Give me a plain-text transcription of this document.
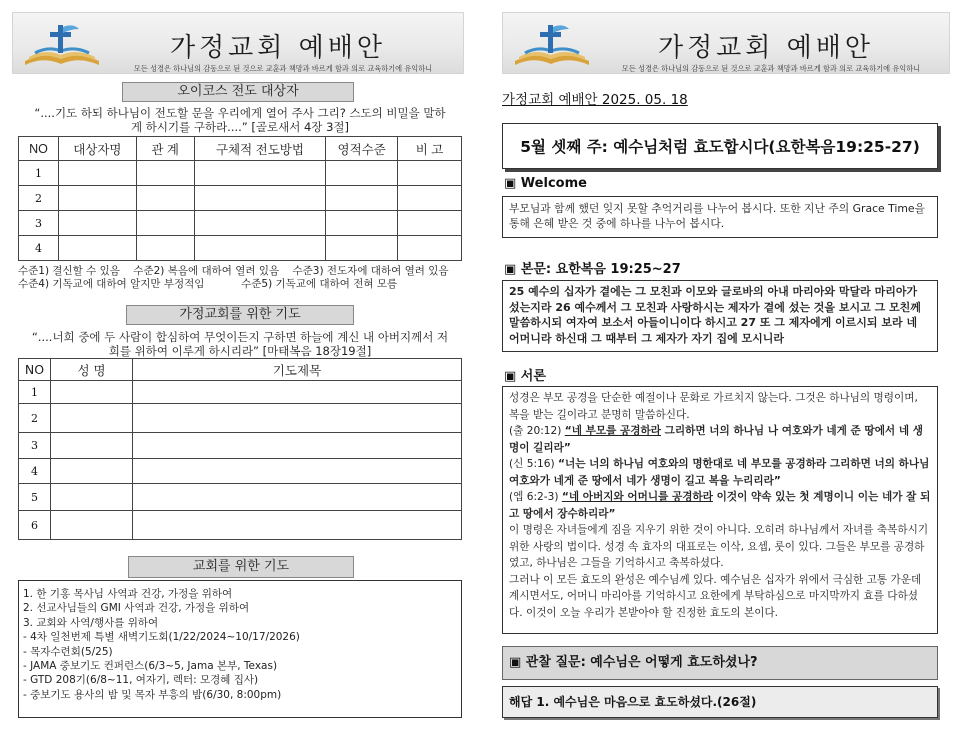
가정교회 예배안
모든 성경은 하나님의 감동으로 된 것으로 교훈과 책망과 바르게 함과 의로 교육하기에 유익하니
오이코스 전도 대상자
“....기도 하되 하나님이 전도할 문을 우리에게 열어 주사 그리? 스도의 비밀을 말하게 하시기를 구하라....” [골로새서 4장 3절]
NO	대상자명	관 계	구체적 전도방법	영적수준	비 고
1					
2					
3					
4					
수준1) 결신할 수 있음 수준2) 복음에 대하여 열려 있음 수준3) 전도자에 대하여 열려 있음
수준4) 기독교에 대하여 알지만 부정적임	수준5) 기독교에 대하여 전혀 모름
가정교회를 위한 기도
“....너희 중에 두 사람이 합심하여 무엇이든지 구하면 하늘에 계신 내 아버지께서 저희를 위하여 이루게 하시리라” [마태복음 18장19절]
NO	성 명	기도제목
1		
2		
3		
4		
5		
6		
교회를 위한 기도
1. 한 기홍 목사님 사역과 건강, 가정을 위하여
2. 선교사님들의 GMI 사역과 건강, 가정을 위하여
3. 교회와 사역/행사를 위하여
- 4차 일천번제 특별 새벽기도회(1/22/2024~10/17/2026)
- 목자수련회(5/25)
- JAMA 중보기도 컨퍼런스(6/3~5, Jama 본부, Texas)
- GTD 208기(6/8~11, 여자기, 렉터: 모경혜 집사)
- 중보기도 용사의 밤 및 목자 부흥의 밤(6/30, 8:00pm)
가정교회 예배안
모든 성경은 하나님의 감동으로 된 것으로 교훈과 책망과 바르게 함과 의로 교육하기에 유익하니
가정교회 예배안 2025. 05. 18
5월 셋째 주: 예수님처럼 효도합시다(요한복음19:25-27)
▣ Welcome
부모님과 함께 했던 잊지 못할 추억거리를 나누어 봅시다. 또한 지난 주의 Grace Time을 통해 은혜 받은 것 중에 하나를 나누어 봅시다.
▣ 본문: 요한복음 19:25~27
25 예수의 십자가 곁에는 그 모친과 이모와 글로바의 아내 마리아와 막달라 마리아가 섰는지라 26 예수께서 그 모친과 사랑하시는 제자가 곁에 섰는 것을 보시고 그 모친께 말씀하시되 여자여 보소서 아들이니이다 하시고 27 또 그 제자에게 이르시되 보라 네 어머니라 하신대 그 때부터 그 제자가 자기 집에 모시니라
▣ 서론

성경은 부모 공경을 단순한 예절이나 문화로 가르치지 않는다. 그것은 하나님의 명령이며, 복을 받는 길이라고 분명히 말씀하신다.

(출 20:12) “네 부모를 공경하라 그리하면 너의 하나님 나 여호와가 네게 준 땅에서 네 생명이 길리라”

(신 5:16) “너는 너의 하나님 여호와의 명한대로 네 부모를 공경하라 그리하면 너의 하나님 여호와가 네게 준 땅에서 네가 생명이 길고 복을 누리리라”

(엡 6:2-3) “네 아버지와 어머니를 공경하라 이것이 약속 있는 첫 계명이니 이는 네가 잘 되고 땅에서 장수하리라”

이 명령은 자녀들에게 짐을 지우기 위한 것이 아니다. 오히려 하나님께서 자녀를 축복하시기 위한 사랑의 법이다. 성경 속 효자의 대표로는 이삭, 요셉, 룻이 있다. 그들은 부모를 공경하였고, 하나님은 그들을 기억하시고 축복하셨다.

그러나 이 모든 효도의 완성은 예수님께 있다. 예수님은 십자가 위에서 극심한 고통 가운데 계시면서도, 어머니 마리아를 기억하시고 요한에게 부탁하심으로 마지막까지 효를 다하셨다. 이것이 오늘 우리가 본받아야 할 진정한 효도의 본이다.

▣ 관찰 질문: 예수님은 어떻게 효도하셨나?
해답 1. 예수님은 마음으로 효도하셨다.(26절)
